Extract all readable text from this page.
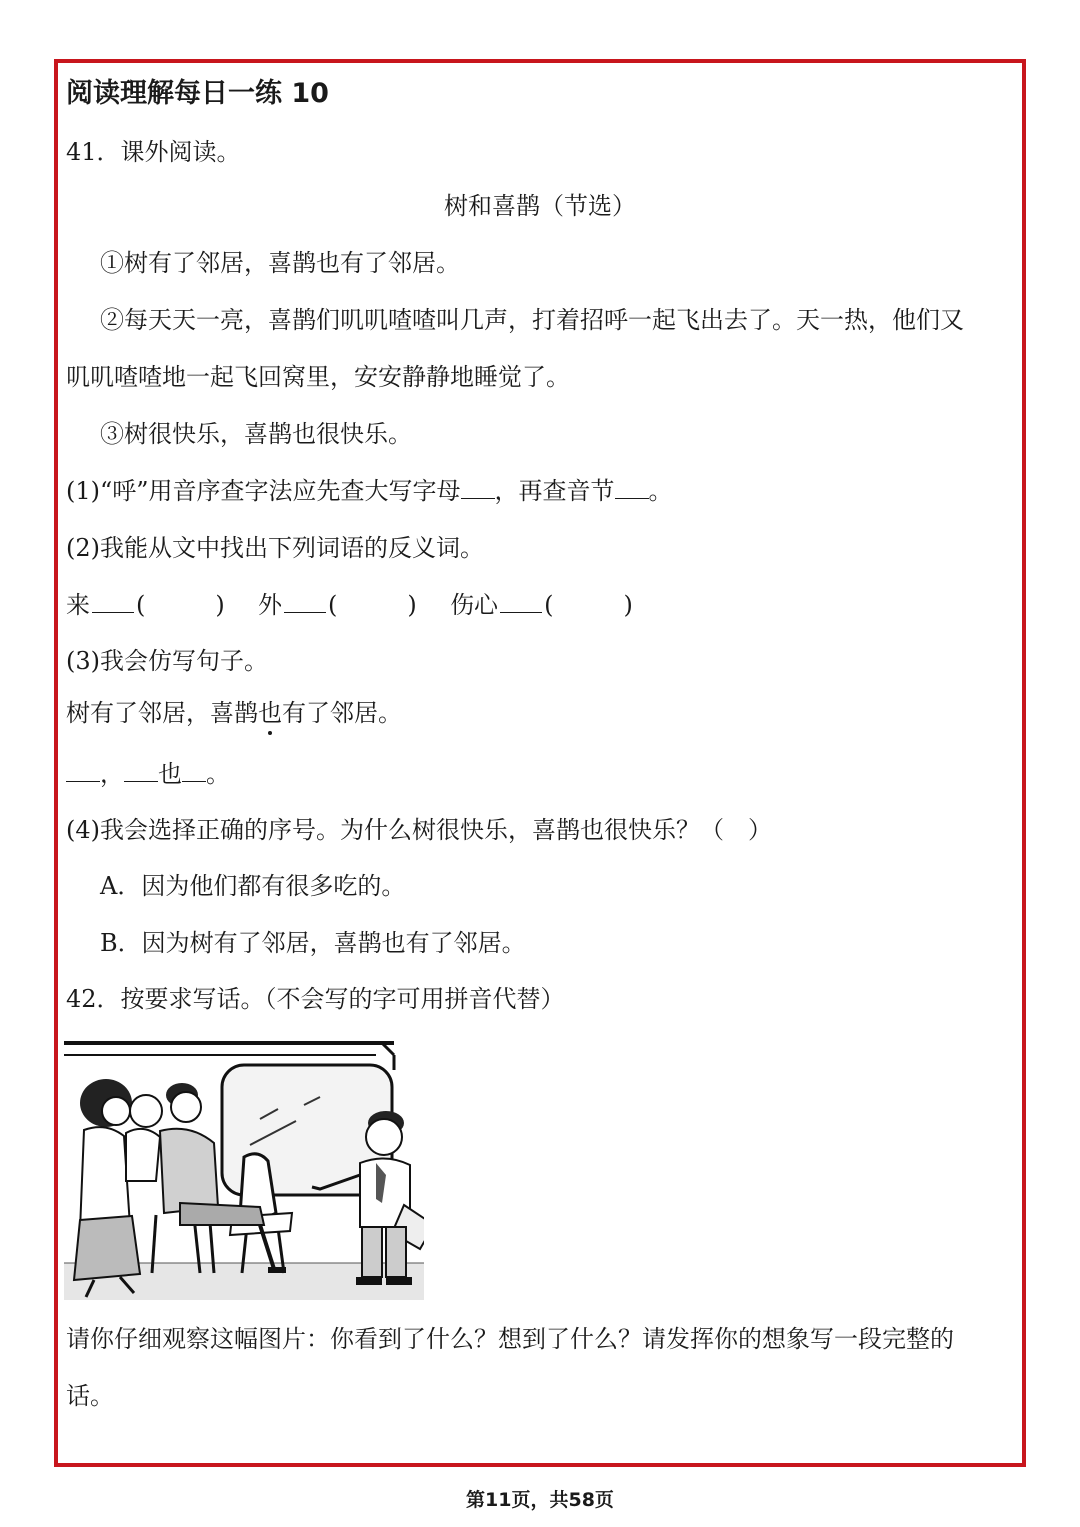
阅读理解每日一练 10
41．课外阅读。
树和喜鹊（节选）
①树有了邻居，喜鹊也有了邻居。
②每天天一亮，喜鹊们叽叽喳喳叫几声，打着招呼一起飞出去了。天一热，他们又
叽叽喳喳地一起飞回窝里，安安静静地睡觉了。
③树很快乐，喜鹊也很快乐。
(1)“呼”用音序查字法应先查大写字母 ，再查音节 。
(2)我能从文中找出下列词语的反义词。
来 (	) 外 (	) 伤心 (	)
(3)我会仿写句子。
树有了邻居，喜鹊也有了邻居。
， 也 。
(4)我会选择正确的序号。为什么树很快乐，喜鹊也很快乐？（　）
A．因为他们都有很多吃的。
B．因为树有了邻居，喜鹊也有了邻居。
42．按要求写话。（不会写的字可用拼音代替）
请你仔细观察这幅图片：你看到了什么？想到了什么？请发挥你的想象写一段完整的
话。
第11页，共58页
